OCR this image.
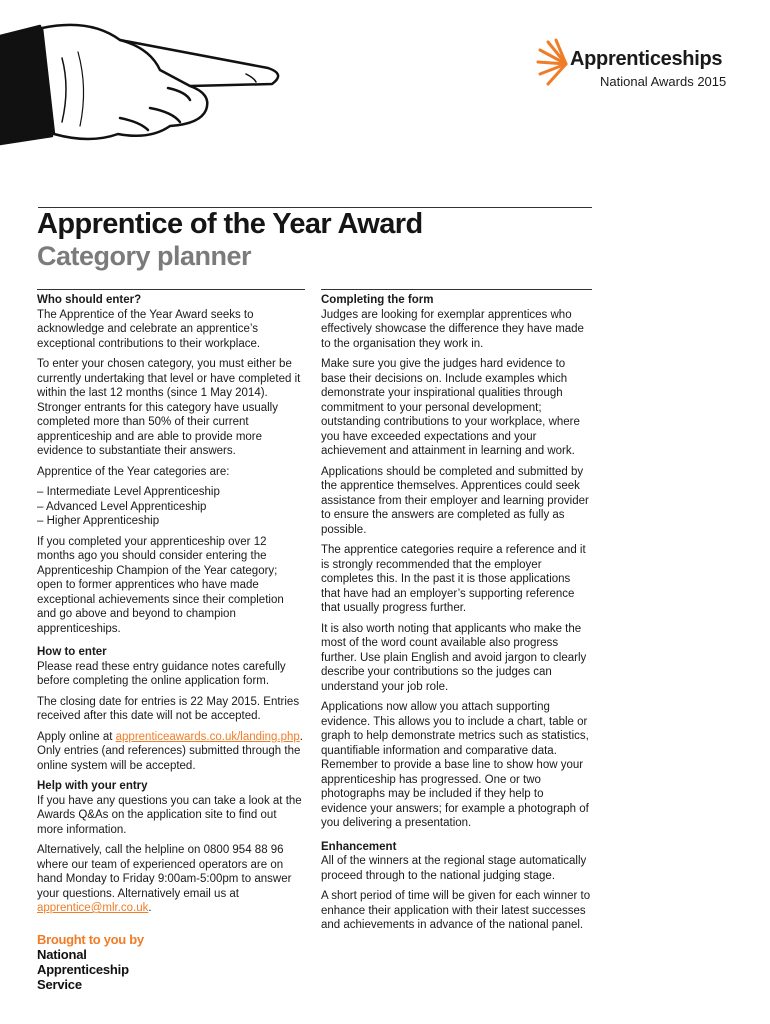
Apprenticeships
National Awards 2015
Apprentice of the Year Award
Category planner
Who should enter?

The Apprentice of the Year Award seeks to acknowledge and celebrate an apprentice’s exceptional contributions to their workplace.

To enter your chosen category, you must either be currently undertaking that level or have completed it within the last 12 months (since 1 May 2014). Stronger entrants for this category have usually completed more than 50% of their current apprenticeship and are able to provide more evidence to substantiate their answers.

Apprentice of the Year categories are:

– Intermediate Level Apprenticeship
– Advanced Level Apprenticeship
– Higher Apprenticeship

If you completed your apprenticeship over 12 months ago you should consider entering the Apprenticeship Champion of the Year category; open to former apprentices who have made exceptional achievements since their completion and go above and beyond to champion apprenticeships.

How to enter

Please read these entry guidance notes carefully before completing the online application form.

The closing date for entries is 22 May 2015. Entries received after this date will not be accepted.

Apply online at apprenticeawards.co.uk/landing.php. Only entries (and references) submitted through the online system will be accepted.

Help with your entry

If you have any questions you can take a look at the Awards Q&As on the application site to find out more information.

Alternatively, call the helpline on 0800 954 88 96 where our team of experienced operators are on hand Monday to Friday 9:00am-5:00pm to answer your questions. Alternatively email us at apprentice@mlr.co.uk.

Completing the form

Judges are looking for exemplar apprentices who effectively showcase the difference they have made to the organisation they work in.

Make sure you give the judges hard evidence to base their decisions on. Include examples which demonstrate your inspirational qualities through commitment to your personal development; outstanding contributions to your workplace, where you have exceeded expectations and your achievement and attainment in learning and work.

Applications should be completed and submitted by the apprentice themselves. Apprentices could seek assistance from their employer and learning provider to ensure the answers are completed as fully as possible.

The apprentice categories require a reference and it is strongly recommended that the employer completes this. In the past it is those applications that have had an employer’s supporting reference that usually progress further.

It is also worth noting that applicants who make the most of the word count available also progress further. Use plain English and avoid jargon to clearly describe your contributions so the judges can understand your job role.

Applications now allow you attach supporting evidence. This allows you to include a chart, table or graph to help demonstrate metrics such as statistics, quantifiable information and comparative data. Remember to provide a base line to show how your apprenticeship has progressed. One or two photographs may be included if they help to evidence your answers; for example a photograph of you delivering a presentation.

Enhancement

All of the winners at the regional stage automatically proceed through to the national judging stage.

A short period of time will be given for each winner to enhance their application with their latest successes and achievements in advance of the national panel.

Brought to you by
National Apprenticeship Service
